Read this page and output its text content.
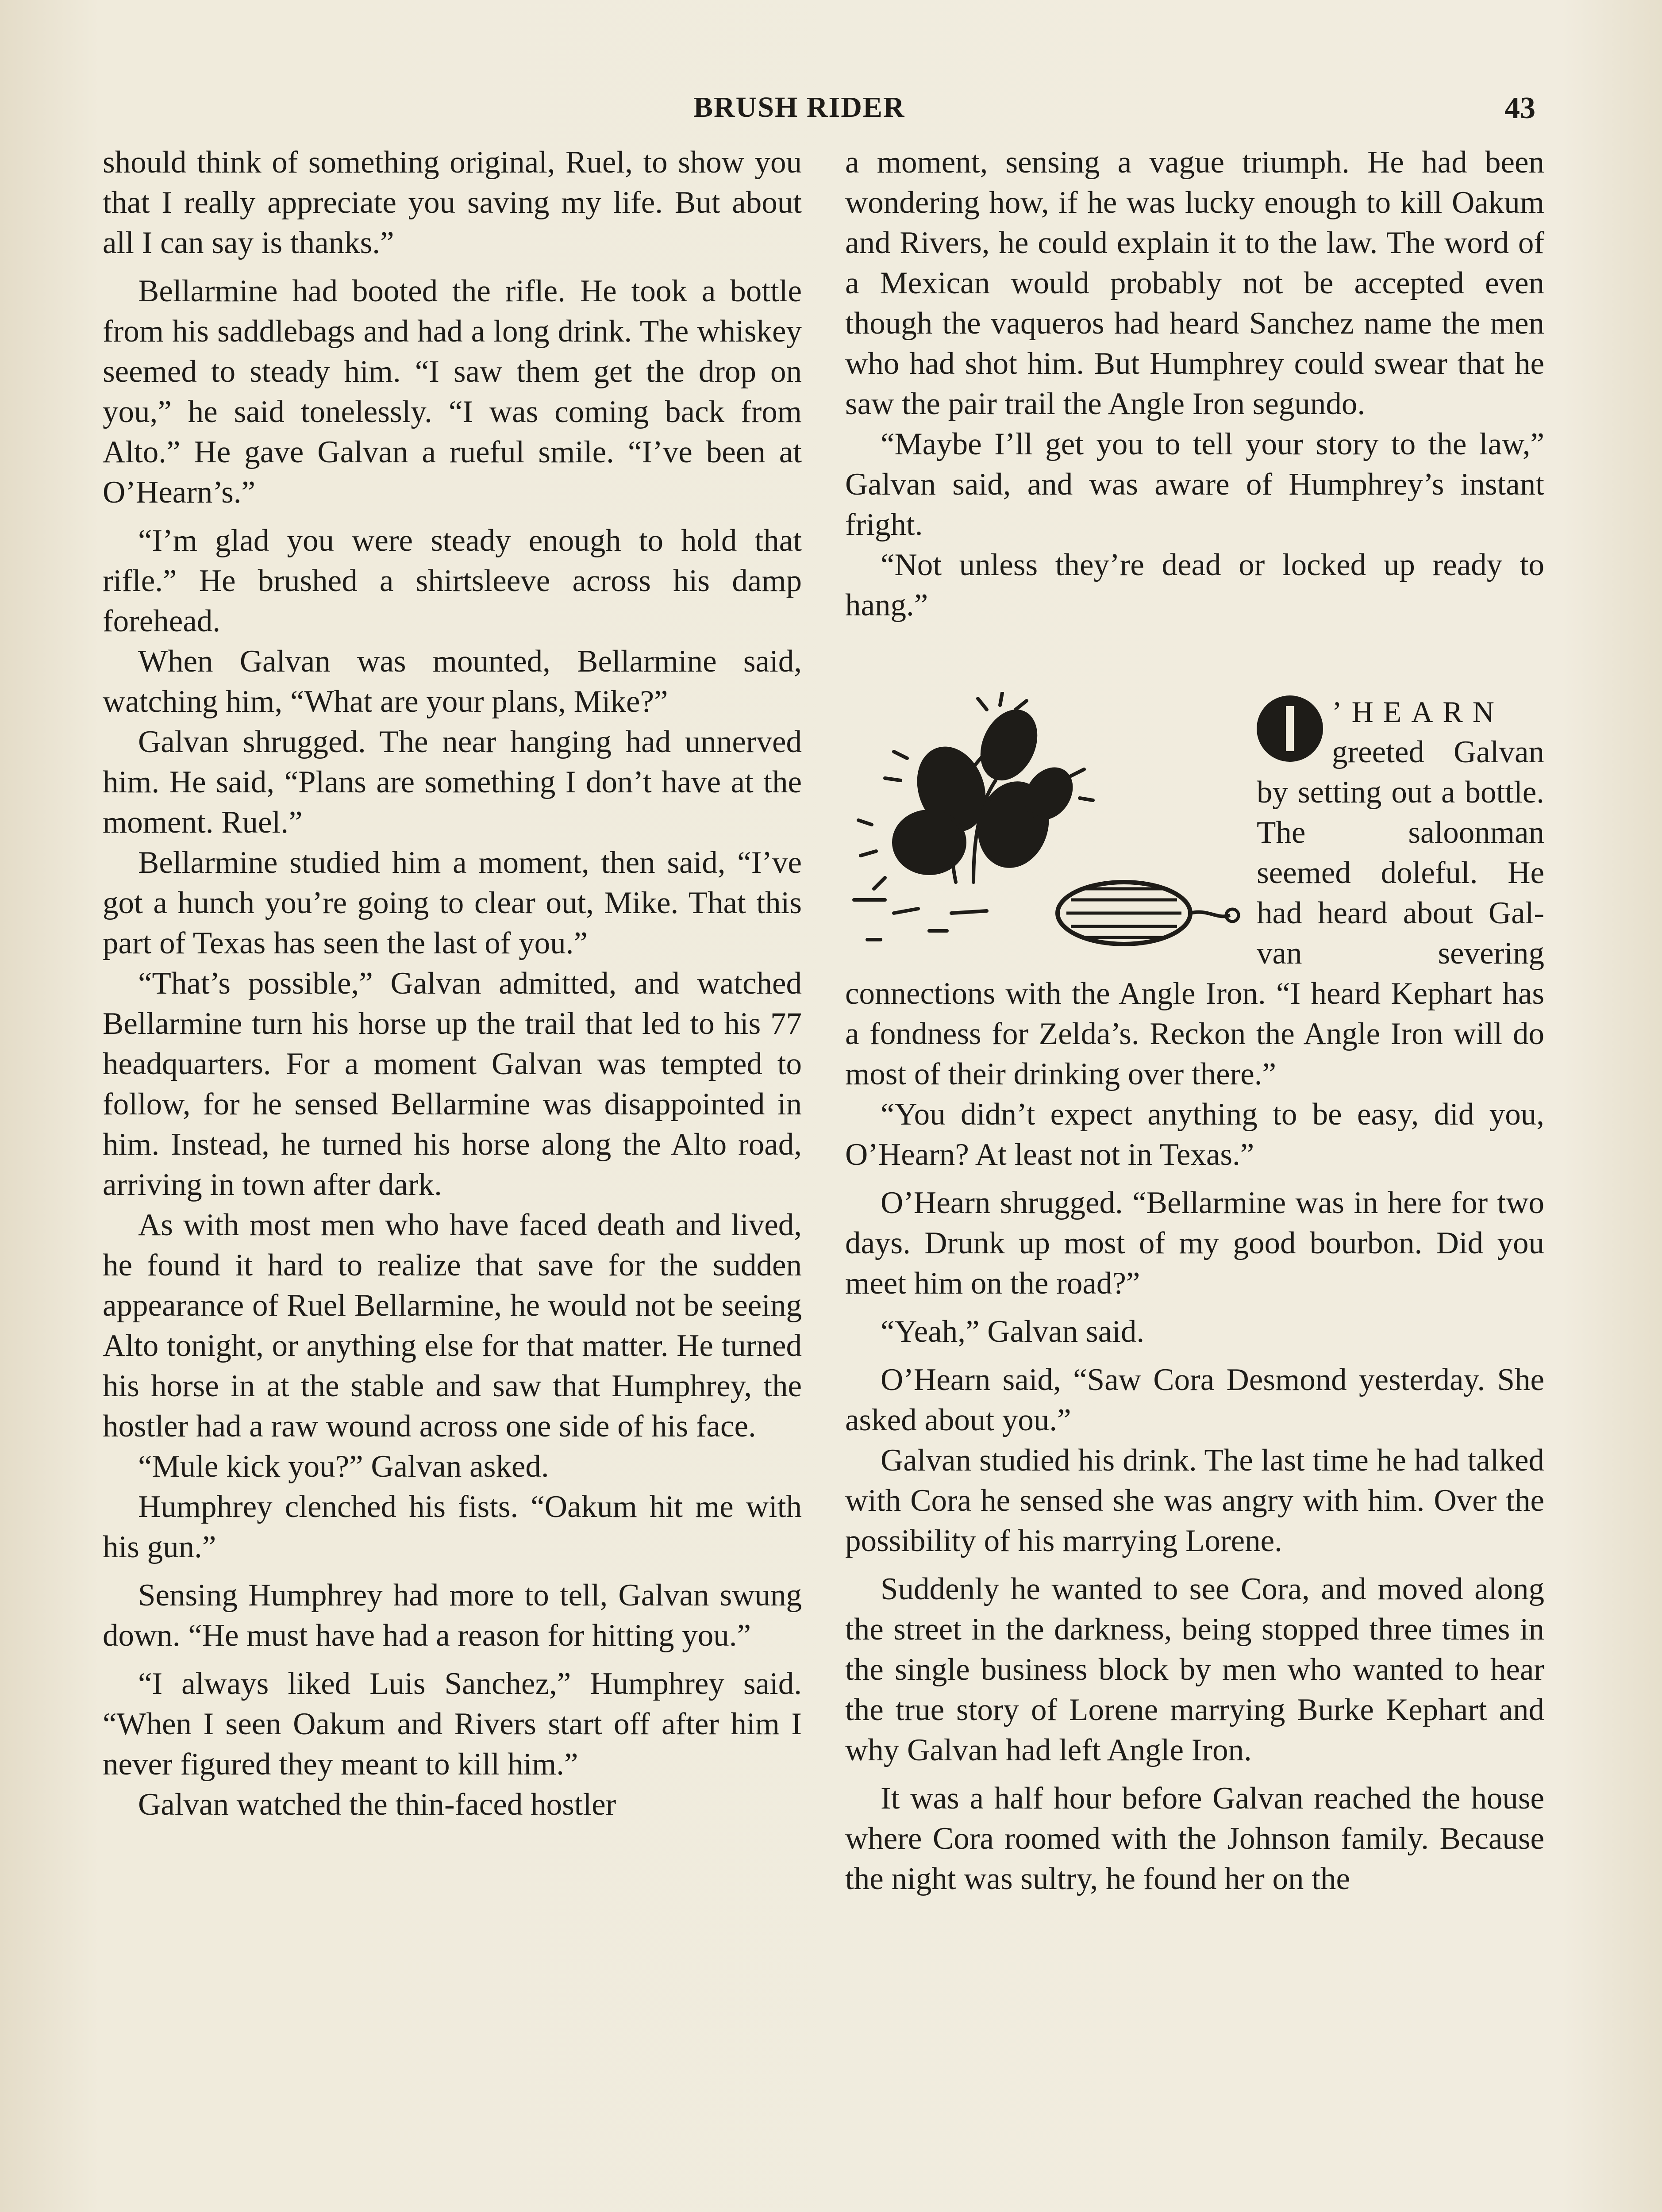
BRUSH RIDER	43

should think of something original, Ruel, to show you that I really appreciate you saving my life. But about all I can say is thanks.”

Bellarmine had booted the rifle. He took a bottle from his saddlebags and had a long drink. The whiskey seemed to steady him. “I saw them get the drop on you,” he said tonelessly. “I was coming back from Alto.” He gave Galvan a rueful smile. “I’ve been at O’Hearn’s.”

“I’m glad you were steady enough to hold that rifle.” He brushed a shirtsleeve across his damp forehead.

When Galvan was mounted, Bellarmine said, watching him, “What are your plans, Mike?”

Galvan shrugged. The near hanging had unnerved him. He said, “Plans are something I don’t have at the moment. Ruel.”

Bellarmine studied him a moment, then said, “I’ve got a hunch you’re going to clear out, Mike. That this part of Texas has seen the last of you.”

“That’s possible,” Galvan admitted, and watched Bellarmine turn his horse up the trail that led to his 77 headquarters. For a moment Galvan was tempted to follow, for he sensed Bellarmine was disappointed in him. Instead, he turned his horse along the Alto road, arriving in town after dark.

As with most men who have faced death and lived, he found it hard to realize that save for the sudden appearance of Ruel Bellarmine, he would not be seeing Alto tonight, or anything else for that matter. He turned his horse in at the stable and saw that Humphrey, the hostler had a raw wound across one side of his face.

“Mule kick you?” Galvan asked.

Humphrey clenched his fists. “Oakum hit me with his gun.”

Sensing Humphrey had more to tell, Galvan swung down. “He must have had a reason for hitting you.”

“I always liked Luis Sanchez,” Humphrey said. “When I seen Oakum and Rivers start off after him I never figured they meant to kill him.”

Galvan watched the thin-faced hostler

a moment, sensing a vague triumph. He had been wondering how, if he was lucky enough to kill Oakum and Rivers, he could explain it to the law. The word of a Mexican would probably not be accepted even though the vaqueros had heard Sanchez name the men who had shot him. But Humphrey could swear that he saw the pair trail the Angle Iron segundo.

“Maybe I’ll get you to tell your story to the law,” Galvan said, and was aware of Humphrey’s instant fright.

“Not unless they’re dead or locked up ready to hang.”

’HEARN greeted Galvan by setting out a bottle. The saloonman seemed doleful. He had heard about Galvan severing connections with the Angle Iron. “I heard Kephart has a fondness for Zelda’s. Reckon the Angle Iron will do most of their drinking over there.”

“You didn’t expect anything to be easy, did you, O’Hearn? At least not in Texas.”

O’Hearn shrugged. “Bellarmine was in here for two days. Drunk up most of my good bourbon. Did you meet him on the road?”

“Yeah,” Galvan said.

O’Hearn said, “Saw Cora Desmond yesterday. She asked about you.”

Galvan studied his drink. The last time he had talked with Cora he sensed she was angry with him. Over the possibility of his marrying Lorene.

Suddenly he wanted to see Cora, and moved along the street in the darkness, being stopped three times in the single business block by men who wanted to hear the true story of Lorene marrying Burke Kephart and why Galvan had left Angle Iron.

It was a half hour before Galvan reached the house where Cora roomed with the Johnson family. Because the night was sultry, he found her on the
